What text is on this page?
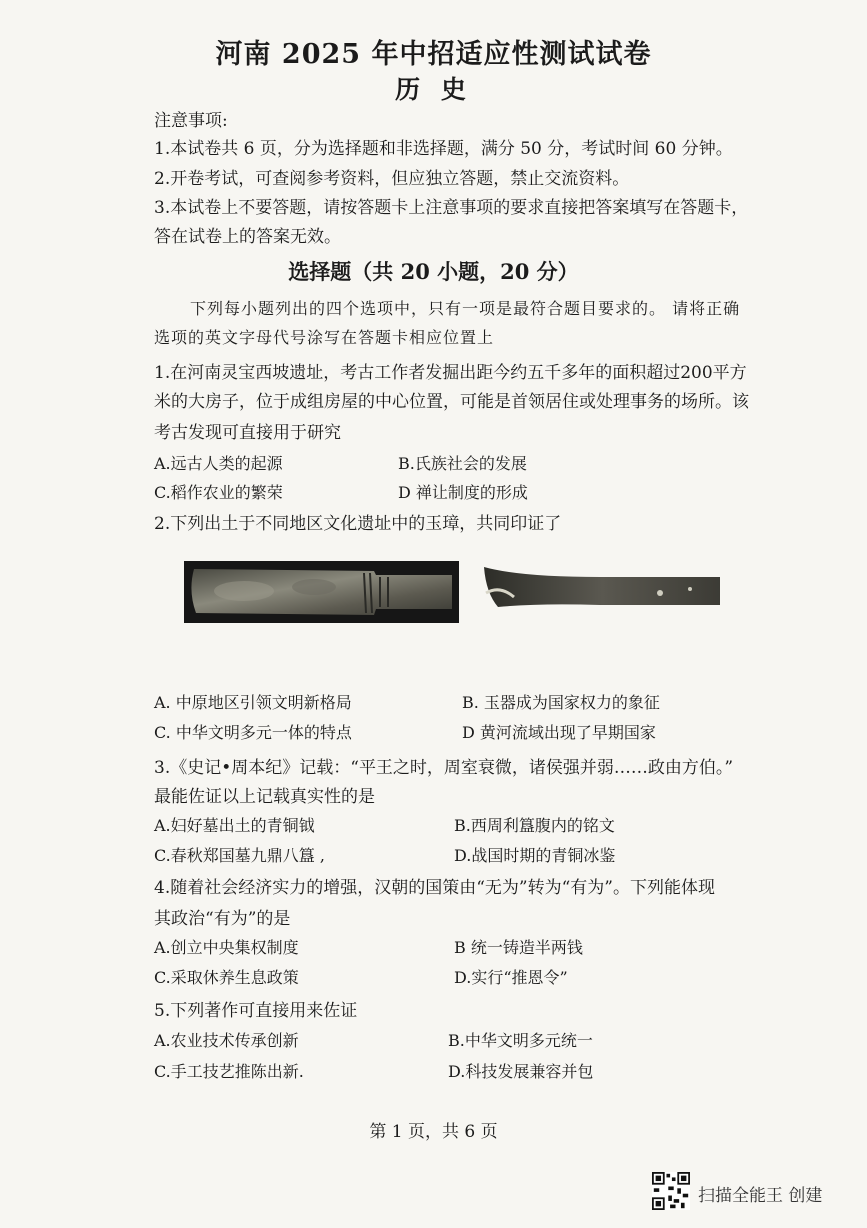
河南 2025 年中招适应性测试试卷
历 史
注意事项:
1.本试卷共 6 页，分为选择题和非选择题，满分 50 分，考试时间 60 分钟。
2.开卷考试，可查阅参考资料，但应独立答题，禁止交流资料。
3.本试卷上不要答题，请按答题卡上注意事项的要求直接把答案填写在答题卡，
答在试卷上的答案无效。
选择题（共 20 小题，20 分）
下列每小题列出的四个选项中，只有一项是最符合题目要求的。 请将正确
选项的英文字母代号涂写在答题卡相应位置上
1.在河南灵宝西坡遗址，考古工作者发掘出距今约五千多年的面积超过200平方
米的大房子，位于成组房屋的中心位置，可能是首领居住或处理事务的场所。该
考古发现可直接用于研究
A.远古人类的起源	B.氏族社会的发展
C.稻作农业的繁荣	D 禅让制度的形成
2.下列出土于不同地区文化遗址中的玉璋，共同印证了
A. 中原地区引领文明新格局	B. 玉器成为国家权力的象征
C. 中华文明多元一体的特点	D 黄河流域出现了早期国家
3.《史记•周本纪》记载：“平王之时，周室衰微，诸侯强并弱……政由方伯。”
最能佐证以上记载真实性的是
A.妇好墓出土的青铜钺	B.西周利簋腹内的铭文
C.春秋郑国墓九鼎八簋 ,	D.战国时期的青铜冰鉴
4.随着社会经济实力的增强，汉朝的国策由“无为”转为“有为”。下列能体现
其政治“有为”的是
A.创立中央集权制度	B 统一铸造半两钱
C.采取休养生息政策	D.实行“推恩令”
5.下列著作可直接用来佐证
A.农业技术传承创新	B.中华文明多元统一
C.手工技艺推陈出新.	D.科技发展兼容并包
第 1 页，共 6 页
扫描全能王 创建
